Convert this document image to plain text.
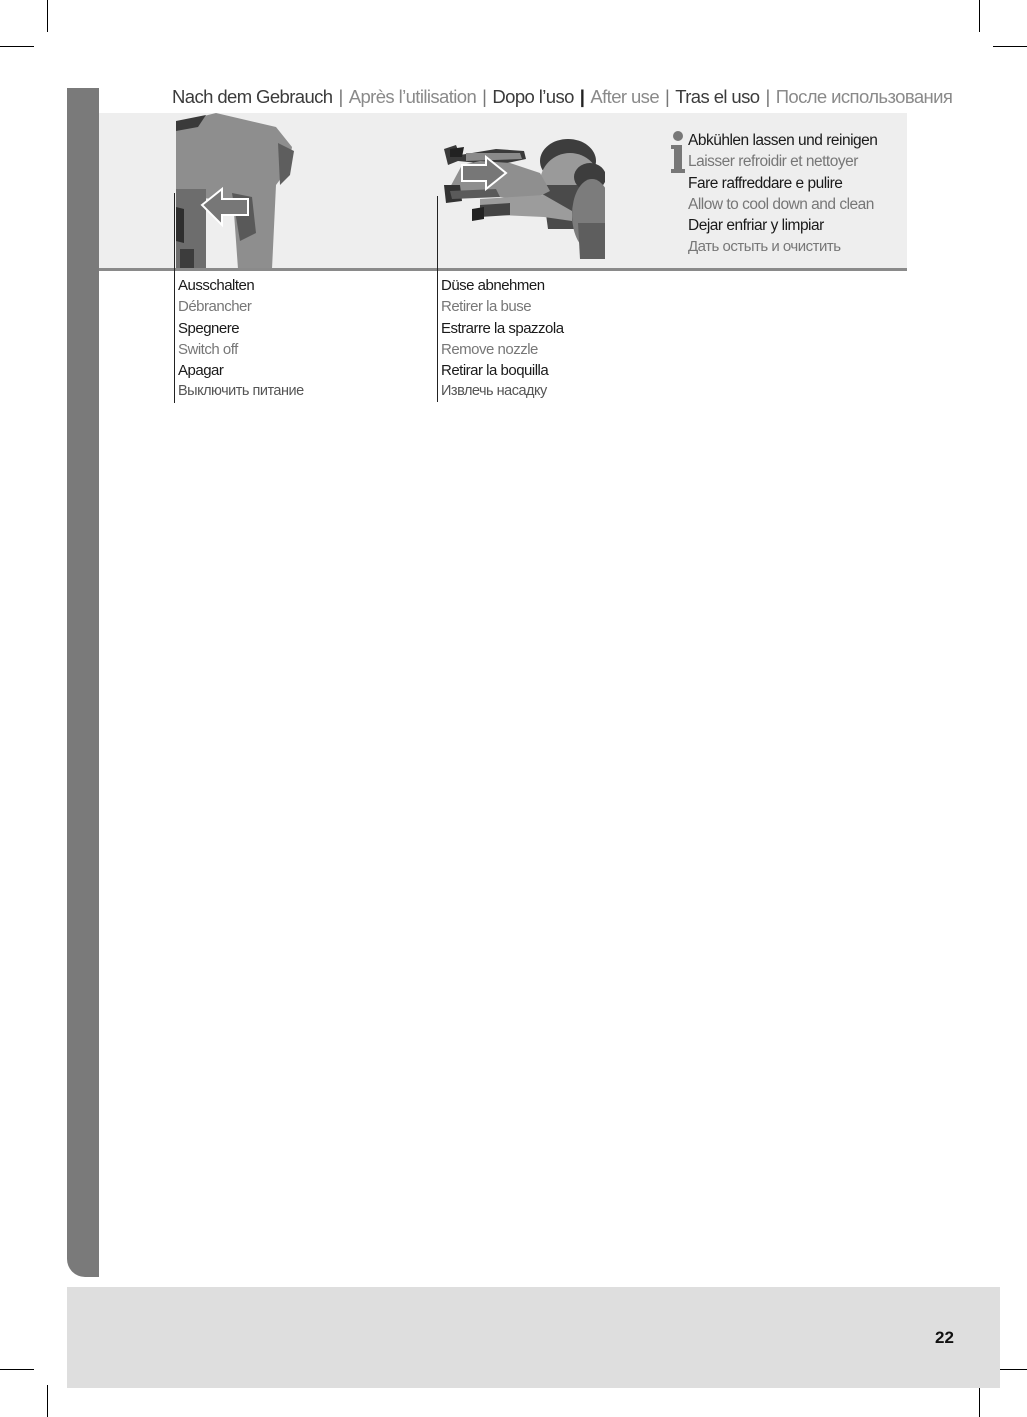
Nach dem Gebrauch | Après l’utilisation | Dopo l’uso | After use | Tras el uso | После использования
Ausschalten
Débrancher
Spegnere
Switch off
Apagar
Выключить питание
Düse abnehmen
Retirer la buse
Estrarre la spazzola
Remove nozzle
Retirar la boquilla
Извлечь насадку
Abkühlen lassen und reinigen
Laisser refroidir et nettoyer
Fare raffreddare e pulire
Allow to cool down and clean
Dejar enfriar y limpiar
Дать остыть и очистить
22
